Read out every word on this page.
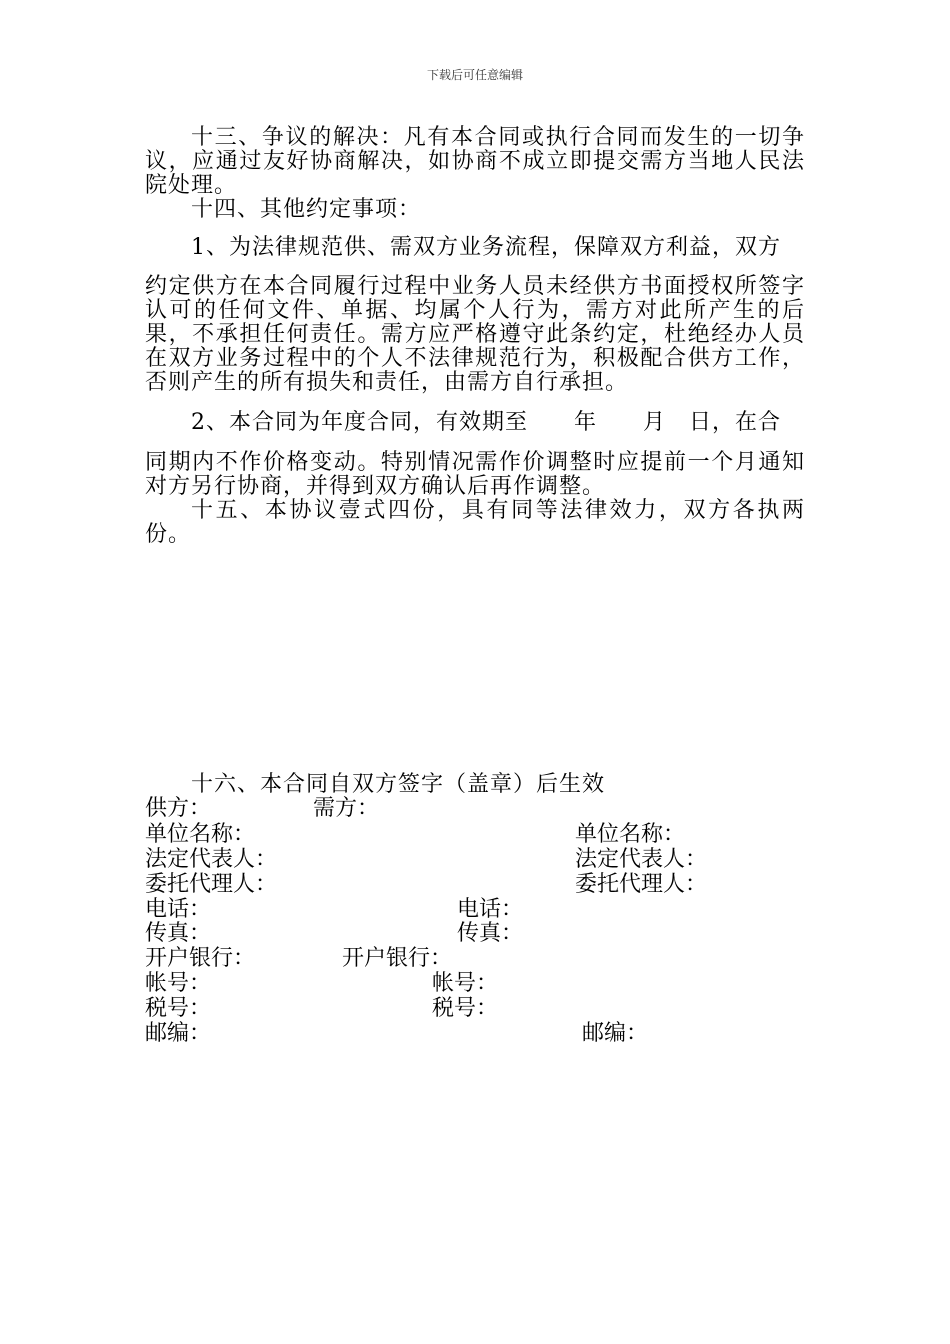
下载后可任意编辑
十三、争议的解决：凡有本合同或执行合同而发生的一切争议，应通过友好协商解决，如协商不成立即提交需方当地人民法院处理。
十四、其他约定事项：
1、为法律规范供、需双方业务流程，保障双方利益，双方
约定供方在本合同履行过程中业务人员未经供方书面授权所签字认可的任何文件、单据、均属个人行为，需方对此所产生的后果，不承担任何责任。需方应严格遵守此条约定，杜绝经办人员在双方业务过程中的个人不法律规范行为，积极配合供方工作，否则产生的所有损失和责任，由需方自行承担。
2、本合同为年度合同，有效期至　　年　　月　日，在合
同期内不作价格变动。特别情况需作价调整时应提前一个月通知对方另行协商，并得到双方确认后再作调整。
十五、本协议壹式四份，具有同等法律效力，双方各执两份。
十六、本合同自双方签字（盖章）后生效
供方：	需方：
单位名称：	单位名称：
法定代表人：	法定代表人：
委托代理人：	委托代理人：
电话：	电话：
传真：	传真：
开户银行：	开户银行：
帐号：	帐号：
税号：	税号：
邮编：	邮编：
